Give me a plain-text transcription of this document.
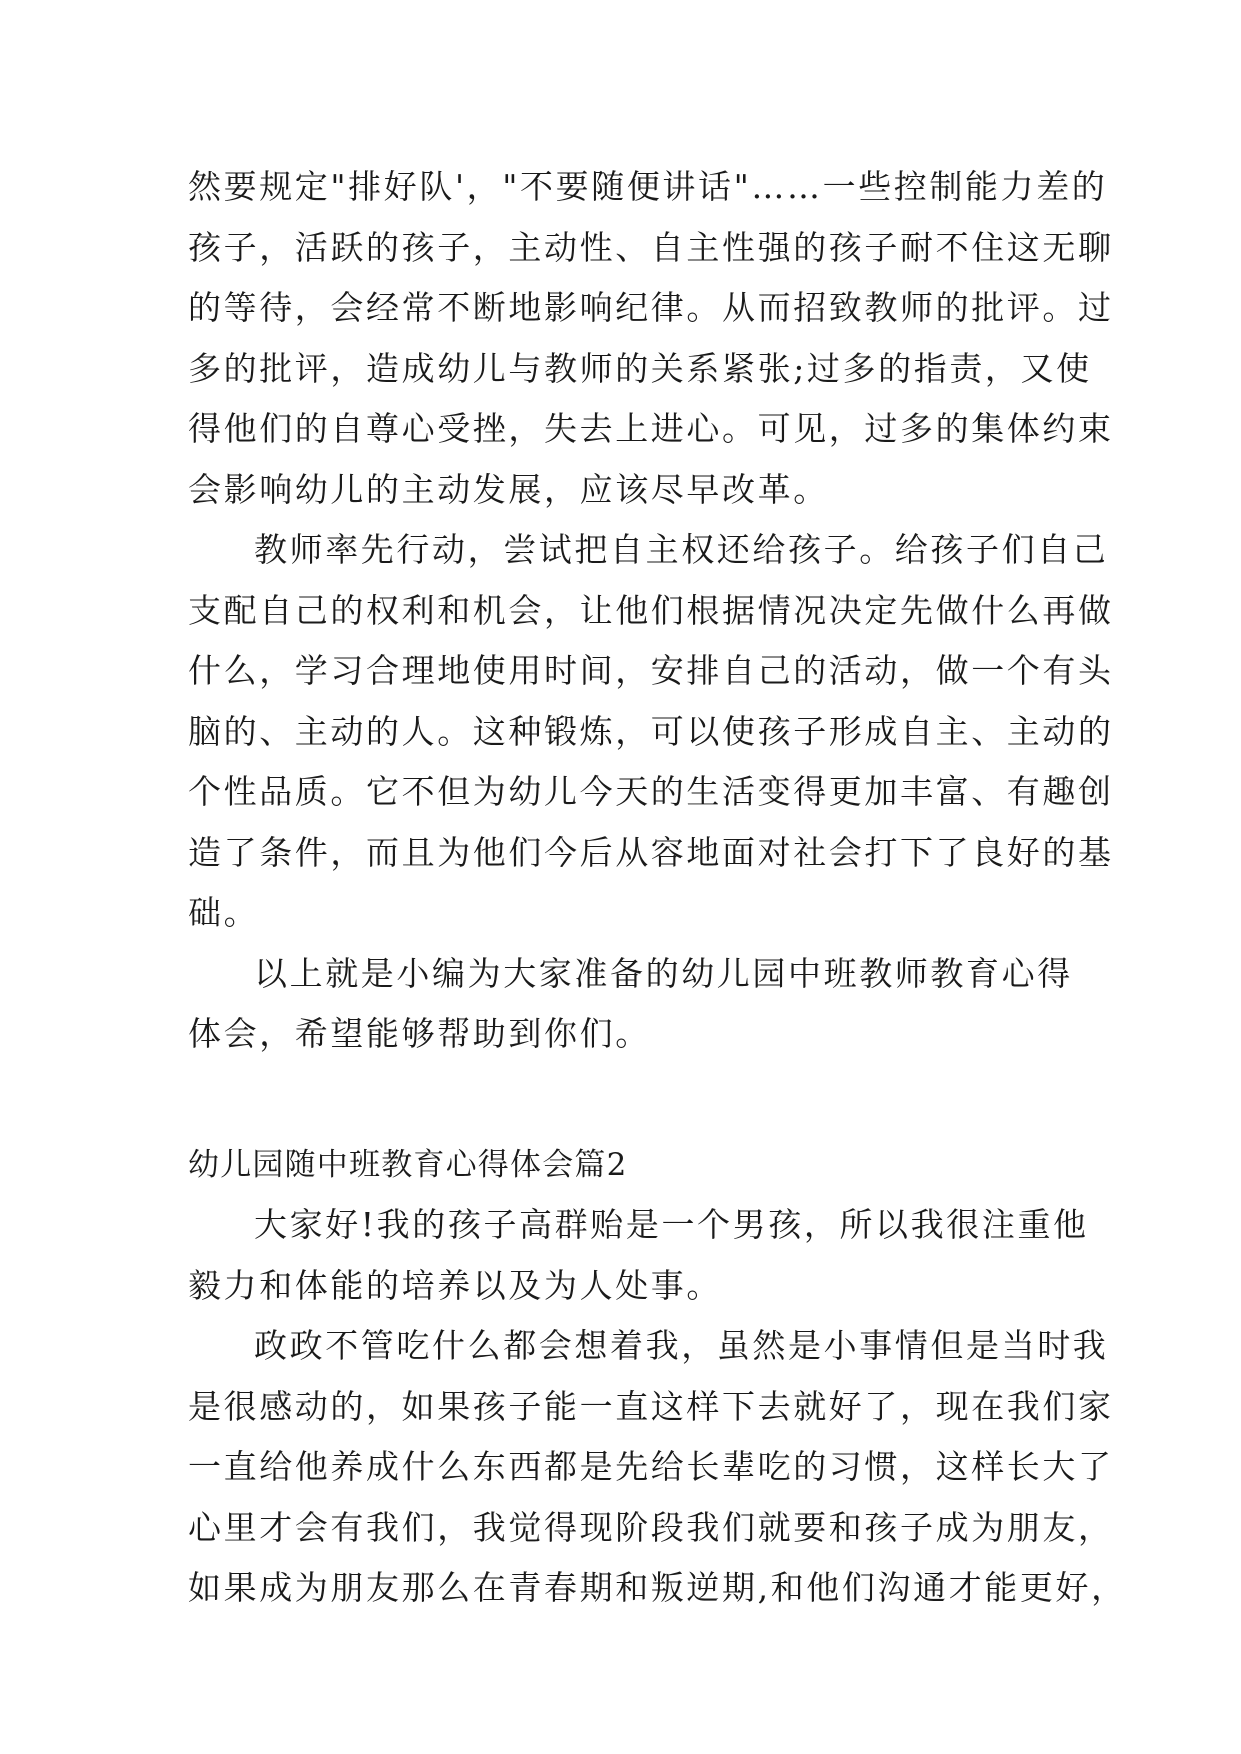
然要规定"排好队'，"不要随便讲话"……一些控制能力差的
孩子，活跃的孩子，主动性、自主性强的孩子耐不住这无聊
的等待，会经常不断地影响纪律。从而招致教师的批评。过
多的批评，造成幼儿与教师的关系紧张;过多的指责，又使
得他们的自尊心受挫，失去上进心。可见，过多的集体约束
会影响幼儿的主动发展，应该尽早改革。
教师率先行动，尝试把自主权还给孩子。给孩子们自己
支配自己的权利和机会，让他们根据情况决定先做什么再做
什么，学习合理地使用时间，安排自己的活动，做一个有头
脑的、主动的人。这种锻炼，可以使孩子形成自主、主动的
个性品质。它不但为幼儿今天的生活变得更加丰富、有趣创
造了条件，而且为他们今后从容地面对社会打下了良好的基
础。
以上就是小编为大家准备的幼儿园中班教师教育心得
体会，希望能够帮助到你们。
幼儿园随中班教育心得体会篇2
大家好!我的孩子高群贻是一个男孩，所以我很注重他
毅力和体能的培养以及为人处事。
政政不管吃什么都会想着我，虽然是小事情但是当时我
是很感动的，如果孩子能一直这样下去就好了，现在我们家
一直给他养成什么东西都是先给长辈吃的习惯，这样长大了
心里才会有我们，我觉得现阶段我们就要和孩子成为朋友，
如果成为朋友那么在青春期和叛逆期,和他们沟通才能更好，
